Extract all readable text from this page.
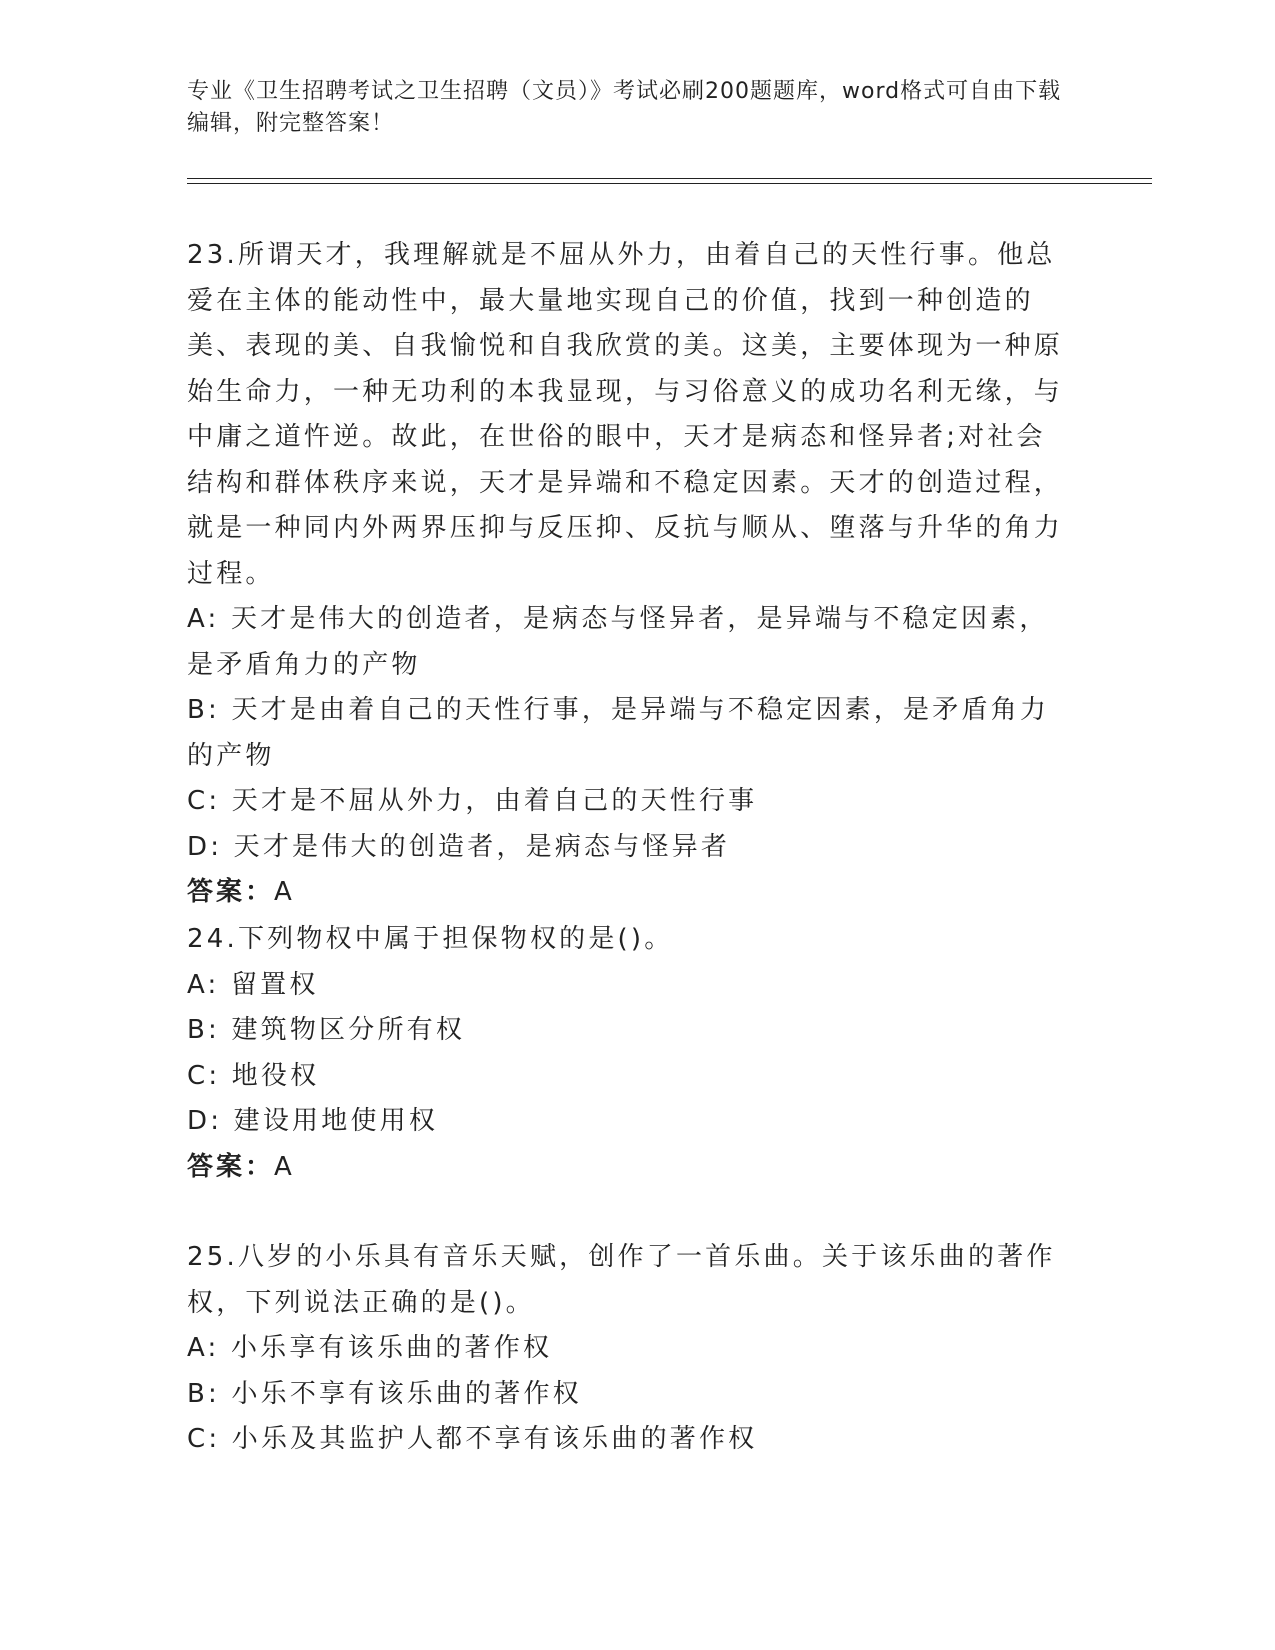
专业《卫生招聘考试之卫生招聘（文员）》考试必刷200题题库，word格式可自由下载编辑，附完整答案！

23.所谓天才，我理解就是不屈从外力，由着自己的天性行事。他总爱在主体的能动性中，最大量地实现自己的价值，找到一种创造的美、表现的美、自我愉悦和自我欣赏的美。这美，主要体现为一种原始生命力，一种无功利的本我显现，与习俗意义的成功名利无缘，与中庸之道忤逆。故此，在世俗的眼中，天才是病态和怪异者;对社会结构和群体秩序来说，天才是异端和不稳定因素。天才的创造过程，就是一种同内外两界压抑与反压抑、反抗与顺从、堕落与升华的角力过程。

A: 天才是伟大的创造者，是病态与怪异者，是异端与不稳定因素，是矛盾角力的产物

B: 天才是由着自己的天性行事，是异端与不稳定因素，是矛盾角力的产物

C: 天才是不屈从外力，由着自己的天性行事

D: 天才是伟大的创造者，是病态与怪异者

答案：A

24.下列物权中属于担保物权的是()。

A: 留置权

B: 建筑物区分所有权

C: 地役权

D: 建设用地使用权

答案：A

25.八岁的小乐具有音乐天赋，创作了一首乐曲。关于该乐曲的著作权，下列说法正确的是()。

A: 小乐享有该乐曲的著作权

B: 小乐不享有该乐曲的著作权

C: 小乐及其监护人都不享有该乐曲的著作权
